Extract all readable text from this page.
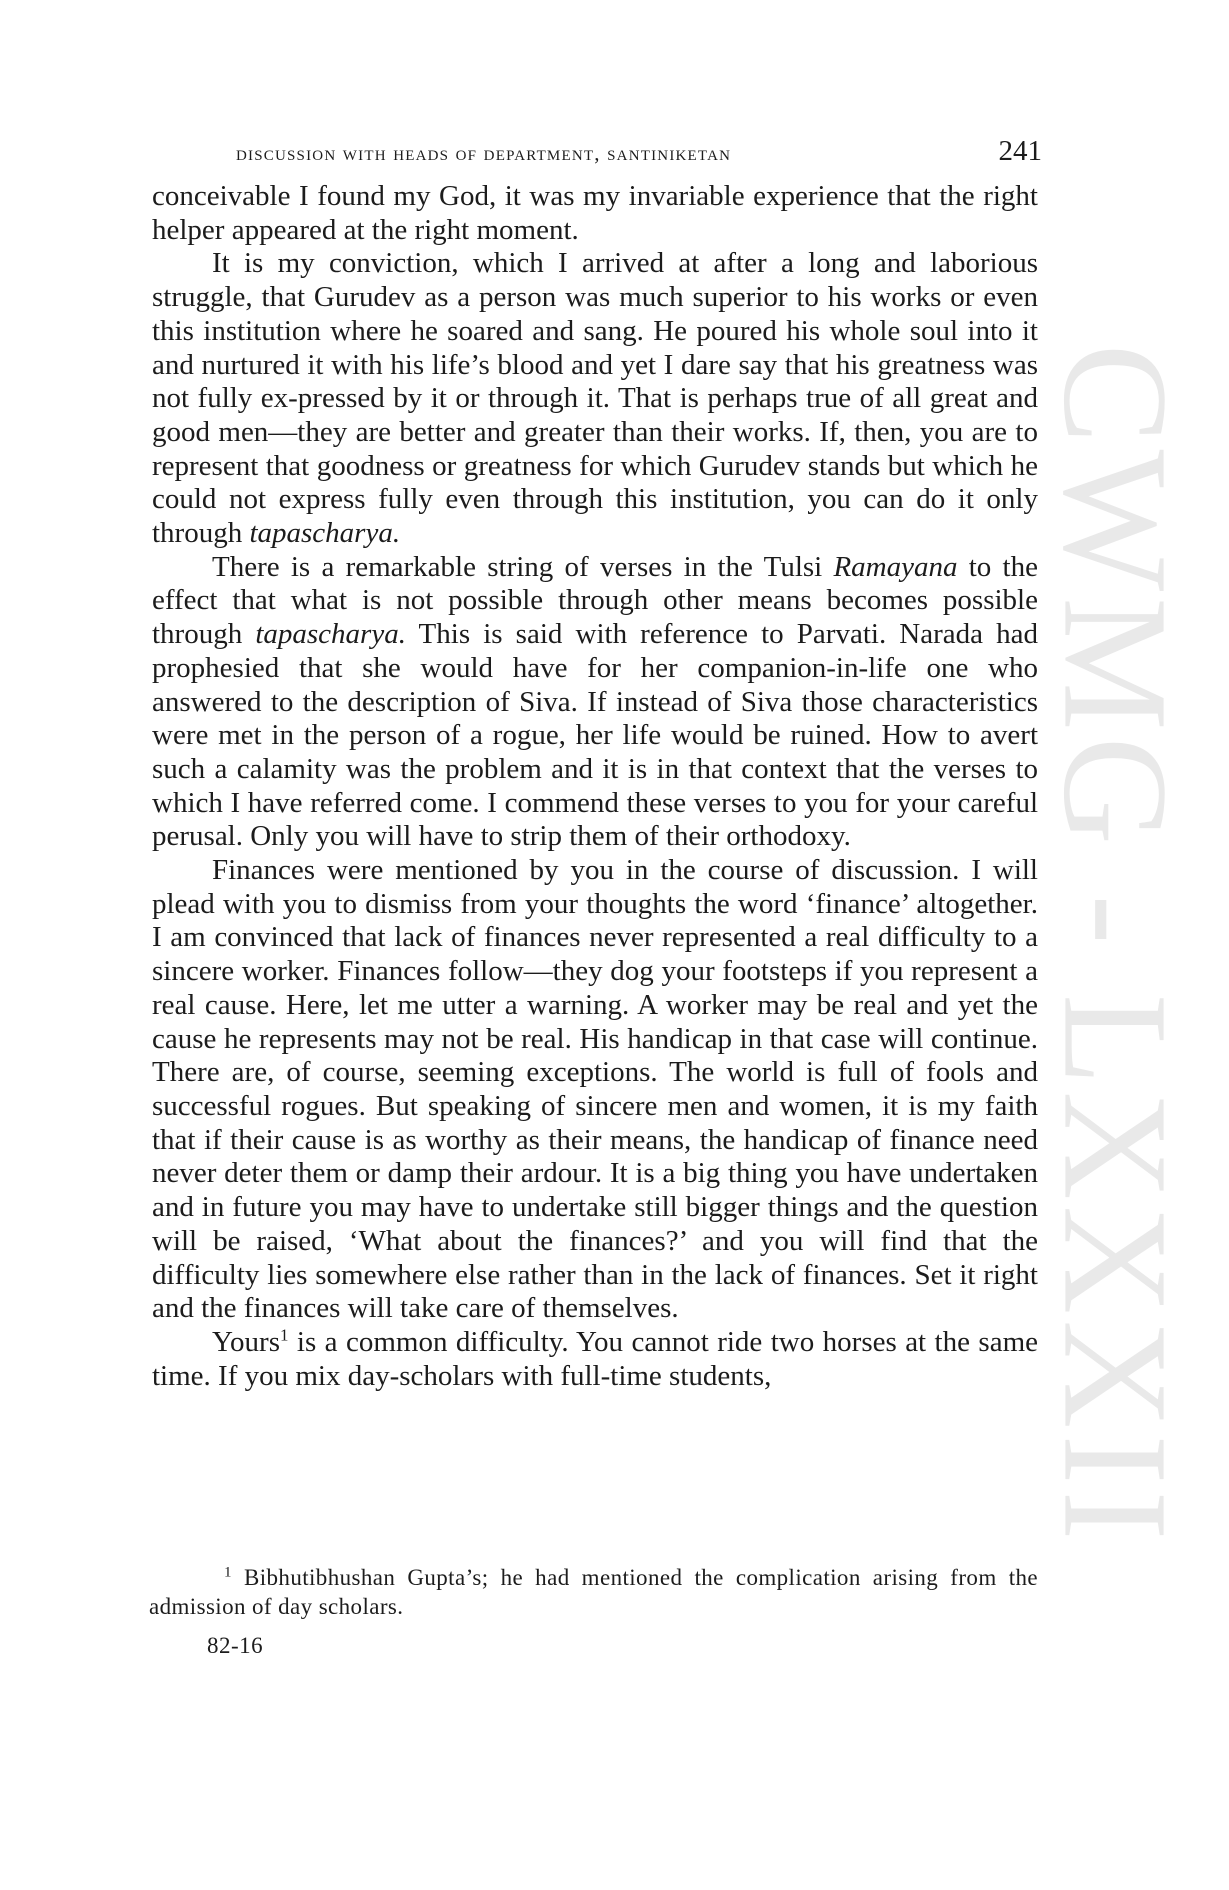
CWMG - LXXXII
discussion with heads of department, santiniketan	241

conceivable I found my God, it was my invariable experience that the right helper appeared at the right moment.

It is my conviction, which I arrived at after a long and laborious struggle, that Gurudev as a person was much superior to his works or even this institution where he soared and sang. He poured his whole soul into it and nurtured it with his life’s blood and yet I dare say that his greatness was not fully ex-pressed by it or through it. That is perhaps true of all great and good men—they are better and greater than their works. If, then, you are to represent that goodness or greatness for which Gurudev stands but which he could not express fully even through this institution, you can do it only through tapascharya.

There is a remarkable string of verses in the Tulsi Ramayana to the effect that what is not possible through other means becomes possible through tapascharya. This is said with reference to Parvati. Narada had prophesied that she would have for her companion-in-life one who answered to the description of Siva. If instead of Siva those characteristics were met in the person of a rogue, her life would be ruined. How to avert such a calamity was the problem and it is in that context that the verses to which I have referred come. I commend these verses to you for your careful perusal. Only you will have to strip them of their orthodoxy.

Finances were mentioned by you in the course of discussion. I will plead with you to dismiss from your thoughts the word ‘finance’ altogether. I am convinced that lack of finances never represented a real difficulty to a sincere worker. Finances follow—they dog your footsteps if you represent a real cause. Here, let me utter a warning. A worker may be real and yet the cause he represents may not be real. His handicap in that case will continue. There are, of course, seeming exceptions. The world is full of fools and successful rogues. But speaking of sincere men and women, it is my faith that if their cause is as worthy as their means, the handicap of finance need never deter them or damp their ardour. It is a big thing you have undertaken and in future you may have to undertake still bigger things and the question will be raised, ‘What about the finances?’ and you will find that the difficulty lies somewhere else rather than in the lack of finances. Set it right and the finances will take care of themselves.

Yours$^1$ is a common difficulty. You cannot ride two horses at the same time. If you mix day-scholars with full-time students,

$^1$ Bibhutibhushan Gupta’s; he had mentioned the complication arising from the admission of day scholars.

82-16
